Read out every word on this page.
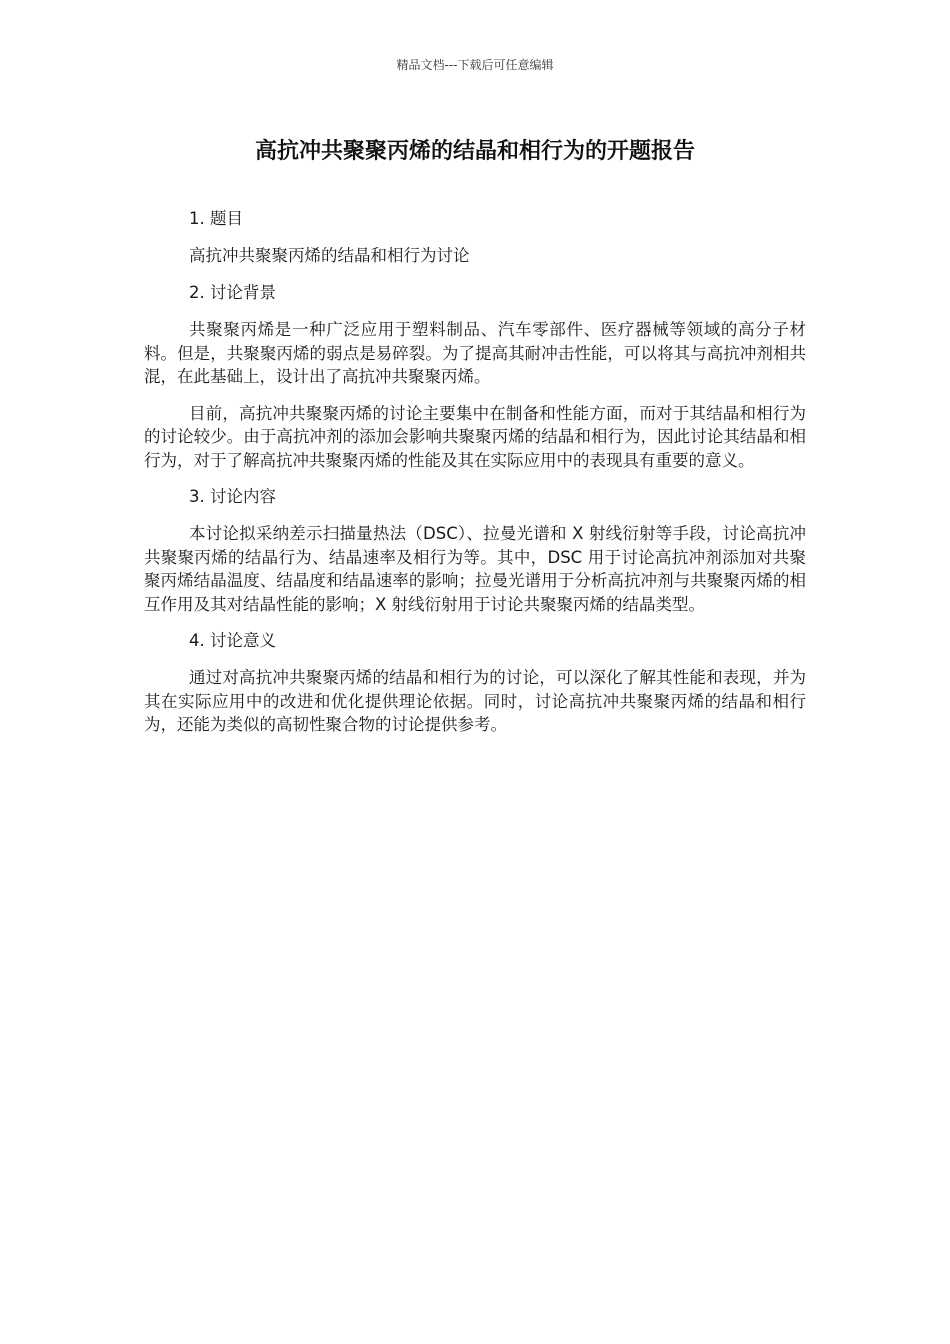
精品文档---下载后可任意编辑
高抗冲共聚聚丙烯的结晶和相行为的开题报告

1. 题目

高抗冲共聚聚丙烯的结晶和相行为讨论

2. 讨论背景

共聚聚丙烯是一种广泛应用于塑料制品、汽车零部件、医疗器械等领域的高分子材料。但是，共聚聚丙烯的弱点是易碎裂。为了提高其耐冲击性能，可以将其与高抗冲剂相共混，在此基础上，设计出了高抗冲共聚聚丙烯。

目前，高抗冲共聚聚丙烯的讨论主要集中在制备和性能方面，而对于其结晶和相行为的讨论较少。由于高抗冲剂的添加会影响共聚聚丙烯的结晶和相行为，因此讨论其结晶和相行为，对于了解高抗冲共聚聚丙烯的性能及其在实际应用中的表现具有重要的意义。

3. 讨论内容

本讨论拟采纳差示扫描量热法（DSC）、拉曼光谱和 X 射线衍射等手段，讨论高抗冲共聚聚丙烯的结晶行为、结晶速率及相行为等。其中，DSC 用于讨论高抗冲剂添加对共聚聚丙烯结晶温度、结晶度和结晶速率的影响；拉曼光谱用于分析高抗冲剂与共聚聚丙烯的相互作用及其对结晶性能的影响；X 射线衍射用于讨论共聚聚丙烯的结晶类型。

4. 讨论意义

通过对高抗冲共聚聚丙烯的结晶和相行为的讨论，可以深化了解其性能和表现，并为其在实际应用中的改进和优化提供理论依据。同时，讨论高抗冲共聚聚丙烯的结晶和相行为，还能为类似的高韧性聚合物的讨论提供参考。
